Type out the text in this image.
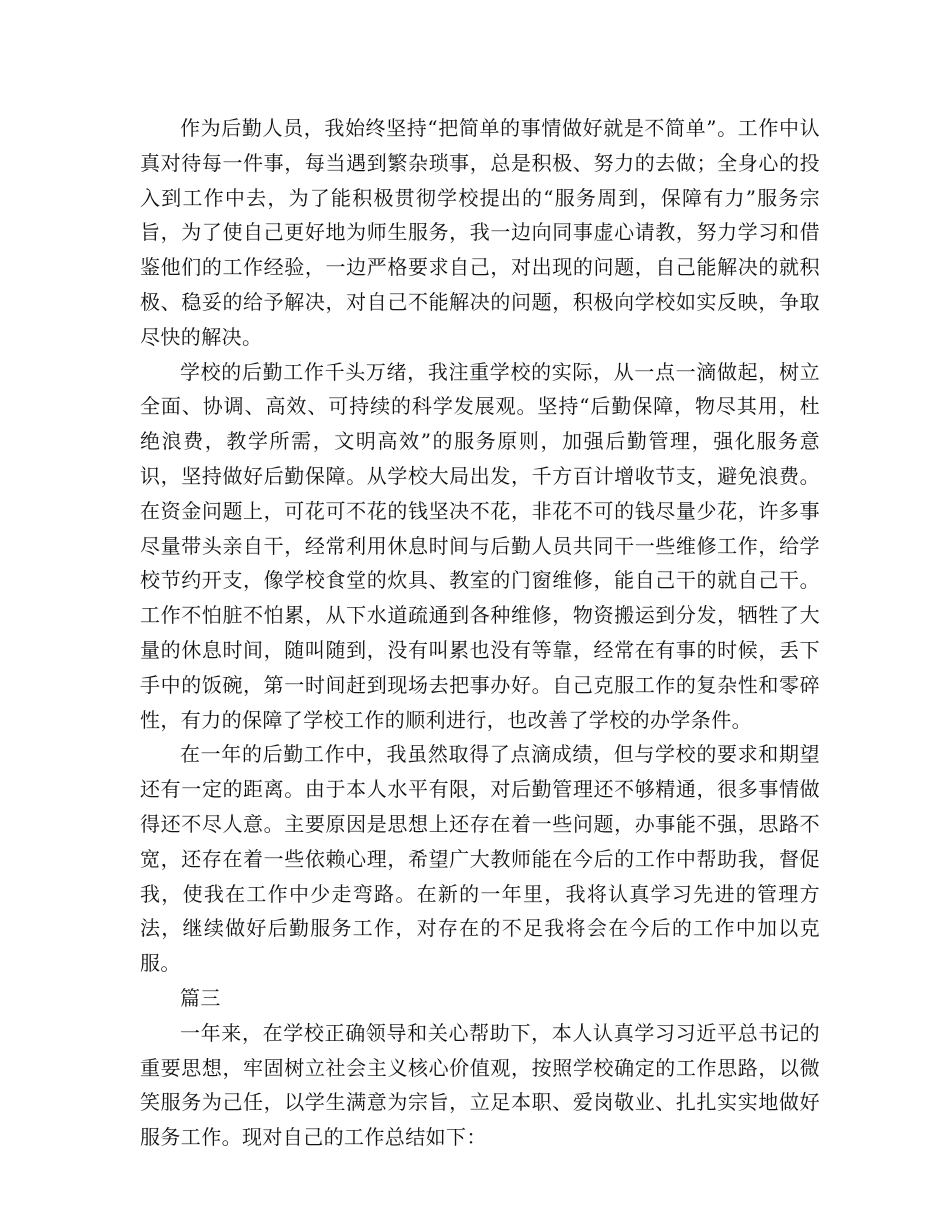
作为后勤人员，我始终坚持“把简单的事情做好就是不简单”。工作中认真对待每一件事，每当遇到繁杂琐事，总是积极、努力的去做；全身心的投入到工作中去，为了能积极贯彻学校提出的“服务周到，保障有力”服务宗旨，为了使自己更好地为师生服务，我一边向同事虚心请教，努力学习和借鉴他们的工作经验，一边严格要求自己，对出现的问题，自己能解决的就积极、稳妥的给予解决，对自己不能解决的问题，积极向学校如实反映，争取尽快的解决。

学校的后勤工作千头万绪，我注重学校的实际，从一点一滴做起，树立全面、协调、高效、可持续的科学发展观。坚持“后勤保障，物尽其用，杜绝浪费，教学所需，文明高效”的服务原则，加强后勤管理，强化服务意识，坚持做好后勤保障。从学校大局出发，千方百计增收节支，避免浪费。在资金问题上，可花可不花的钱坚决不花，非花不可的钱尽量少花，许多事尽量带头亲自干，经常利用休息时间与后勤人员共同干一些维修工作，给学校节约开支，像学校食堂的炊具、教室的门窗维修，能自己干的就自己干。工作不怕脏不怕累，从下水道疏通到各种维修，物资搬运到分发，牺牲了大量的休息时间，随叫随到，没有叫累也没有等靠，经常在有事的时候，丢下手中的饭碗，第一时间赶到现场去把事办好。自己克服工作的复杂性和零碎性，有力的保障了学校工作的顺利进行，也改善了学校的办学条件。

在一年的后勤工作中，我虽然取得了点滴成绩，但与学校的要求和期望还有一定的距离。由于本人水平有限，对后勤管理还不够精通，很多事情做得还不尽人意。主要原因是思想上还存在着一些问题，办事能不强，思路不宽，还存在着一些依赖心理，希望广大教师能在今后的工作中帮助我，督促我，使我在工作中少走弯路。在新的一年里，我将认真学习先进的管理方法，继续做好后勤服务工作，对存在的不足我将会在今后的工作中加以克服。

篇三

一年来，在学校正确领导和关心帮助下，本人认真学习习近平总书记的重要思想，牢固树立社会主义核心价值观，按照学校确定的工作思路，以微笑服务为己任，以学生满意为宗旨，立足本职、爱岗敬业、扎扎实实地做好服务工作。现对自己的工作总结如下：
